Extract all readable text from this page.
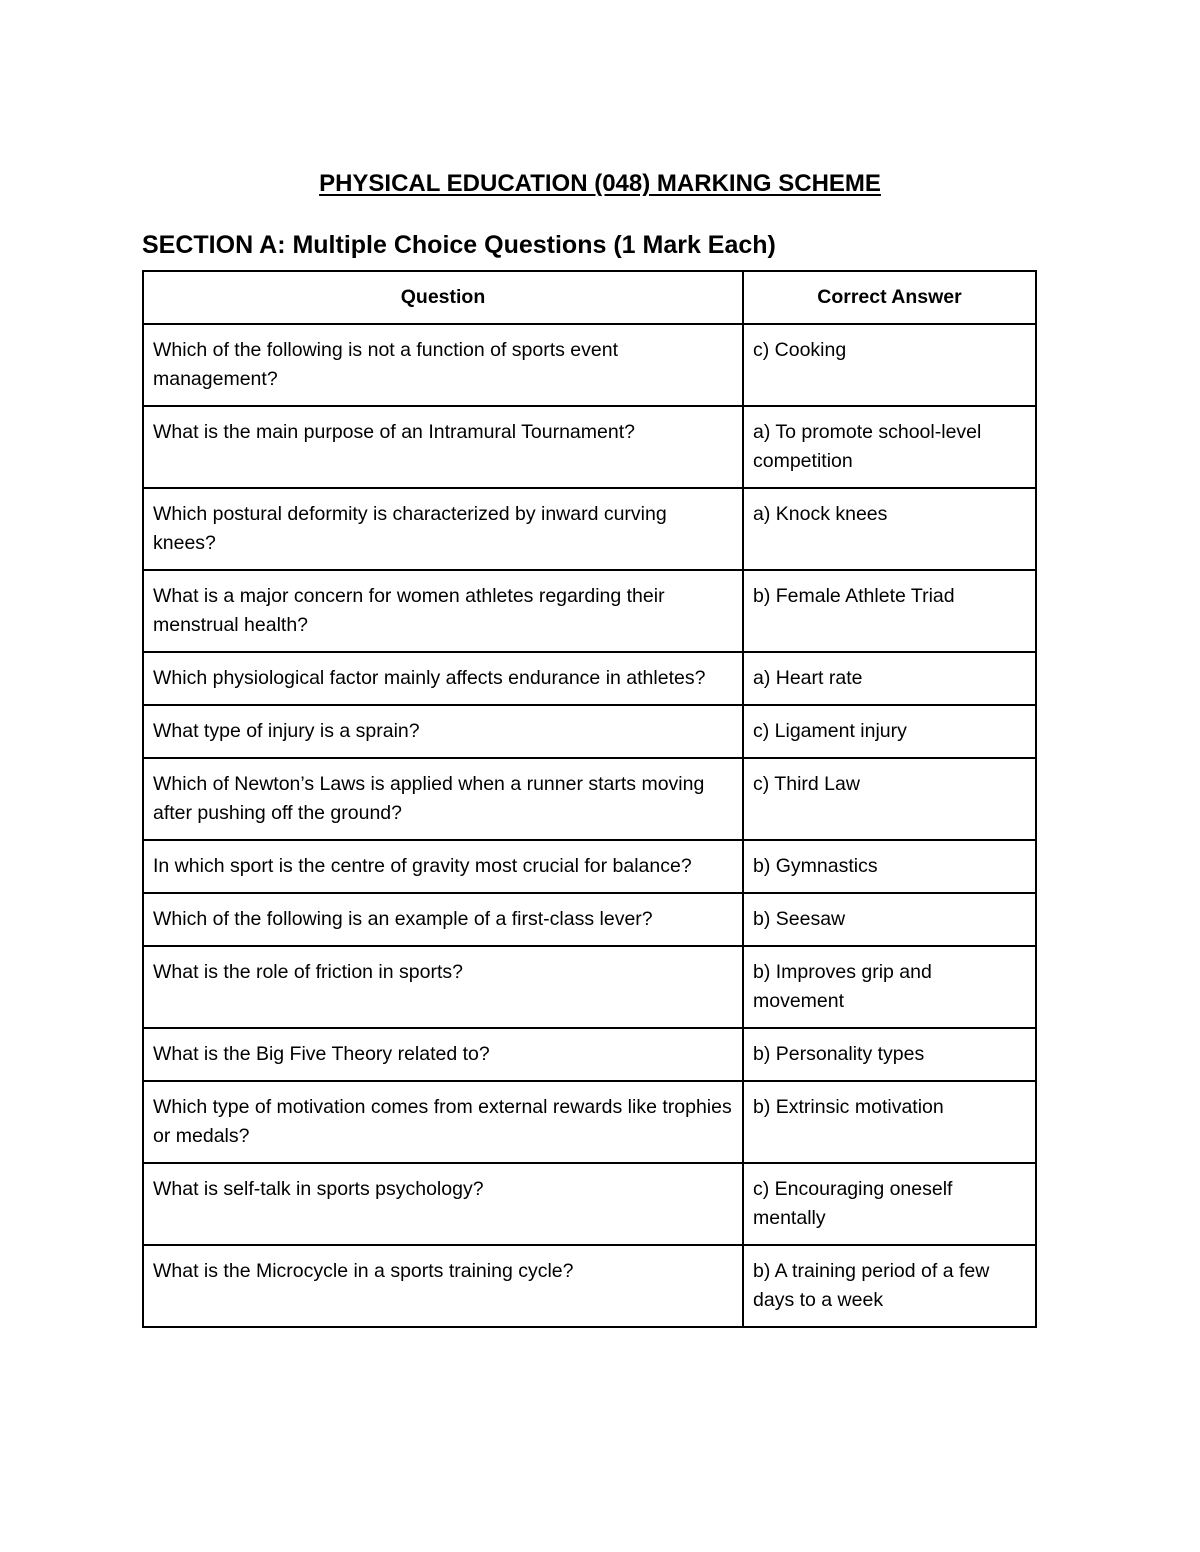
PHYSICAL EDUCATION (048) MARKING SCHEME
SECTION A: Multiple Choice Questions (1 Mark Each)
Question	Correct Answer
Which of the following is not a function of sports event management?	c) Cooking
What is the main purpose of an Intramural Tournament?	a) To promote school-level competition
Which postural deformity is characterized by inward curving knees?	a) Knock knees
What is a major concern for women athletes regarding their menstrual health?	b) Female Athlete Triad
Which physiological factor mainly affects endurance in athletes?	a) Heart rate
What type of injury is a sprain?	c) Ligament injury
Which of Newton’s Laws is applied when a runner starts moving after pushing off the ground?	c) Third Law
In which sport is the centre of gravity most crucial for balance?	b) Gymnastics
Which of the following is an example of a first-class lever?	b) Seesaw
What is the role of friction in sports?	b) Improves grip and movement
What is the Big Five Theory related to?	b) Personality types
Which type of motivation comes from external rewards like trophies or medals?	b) Extrinsic motivation
What is self-talk in sports psychology?	c) Encouraging oneself mentally
What is the Microcycle in a sports training cycle?	b) A training period of a few days to a week
